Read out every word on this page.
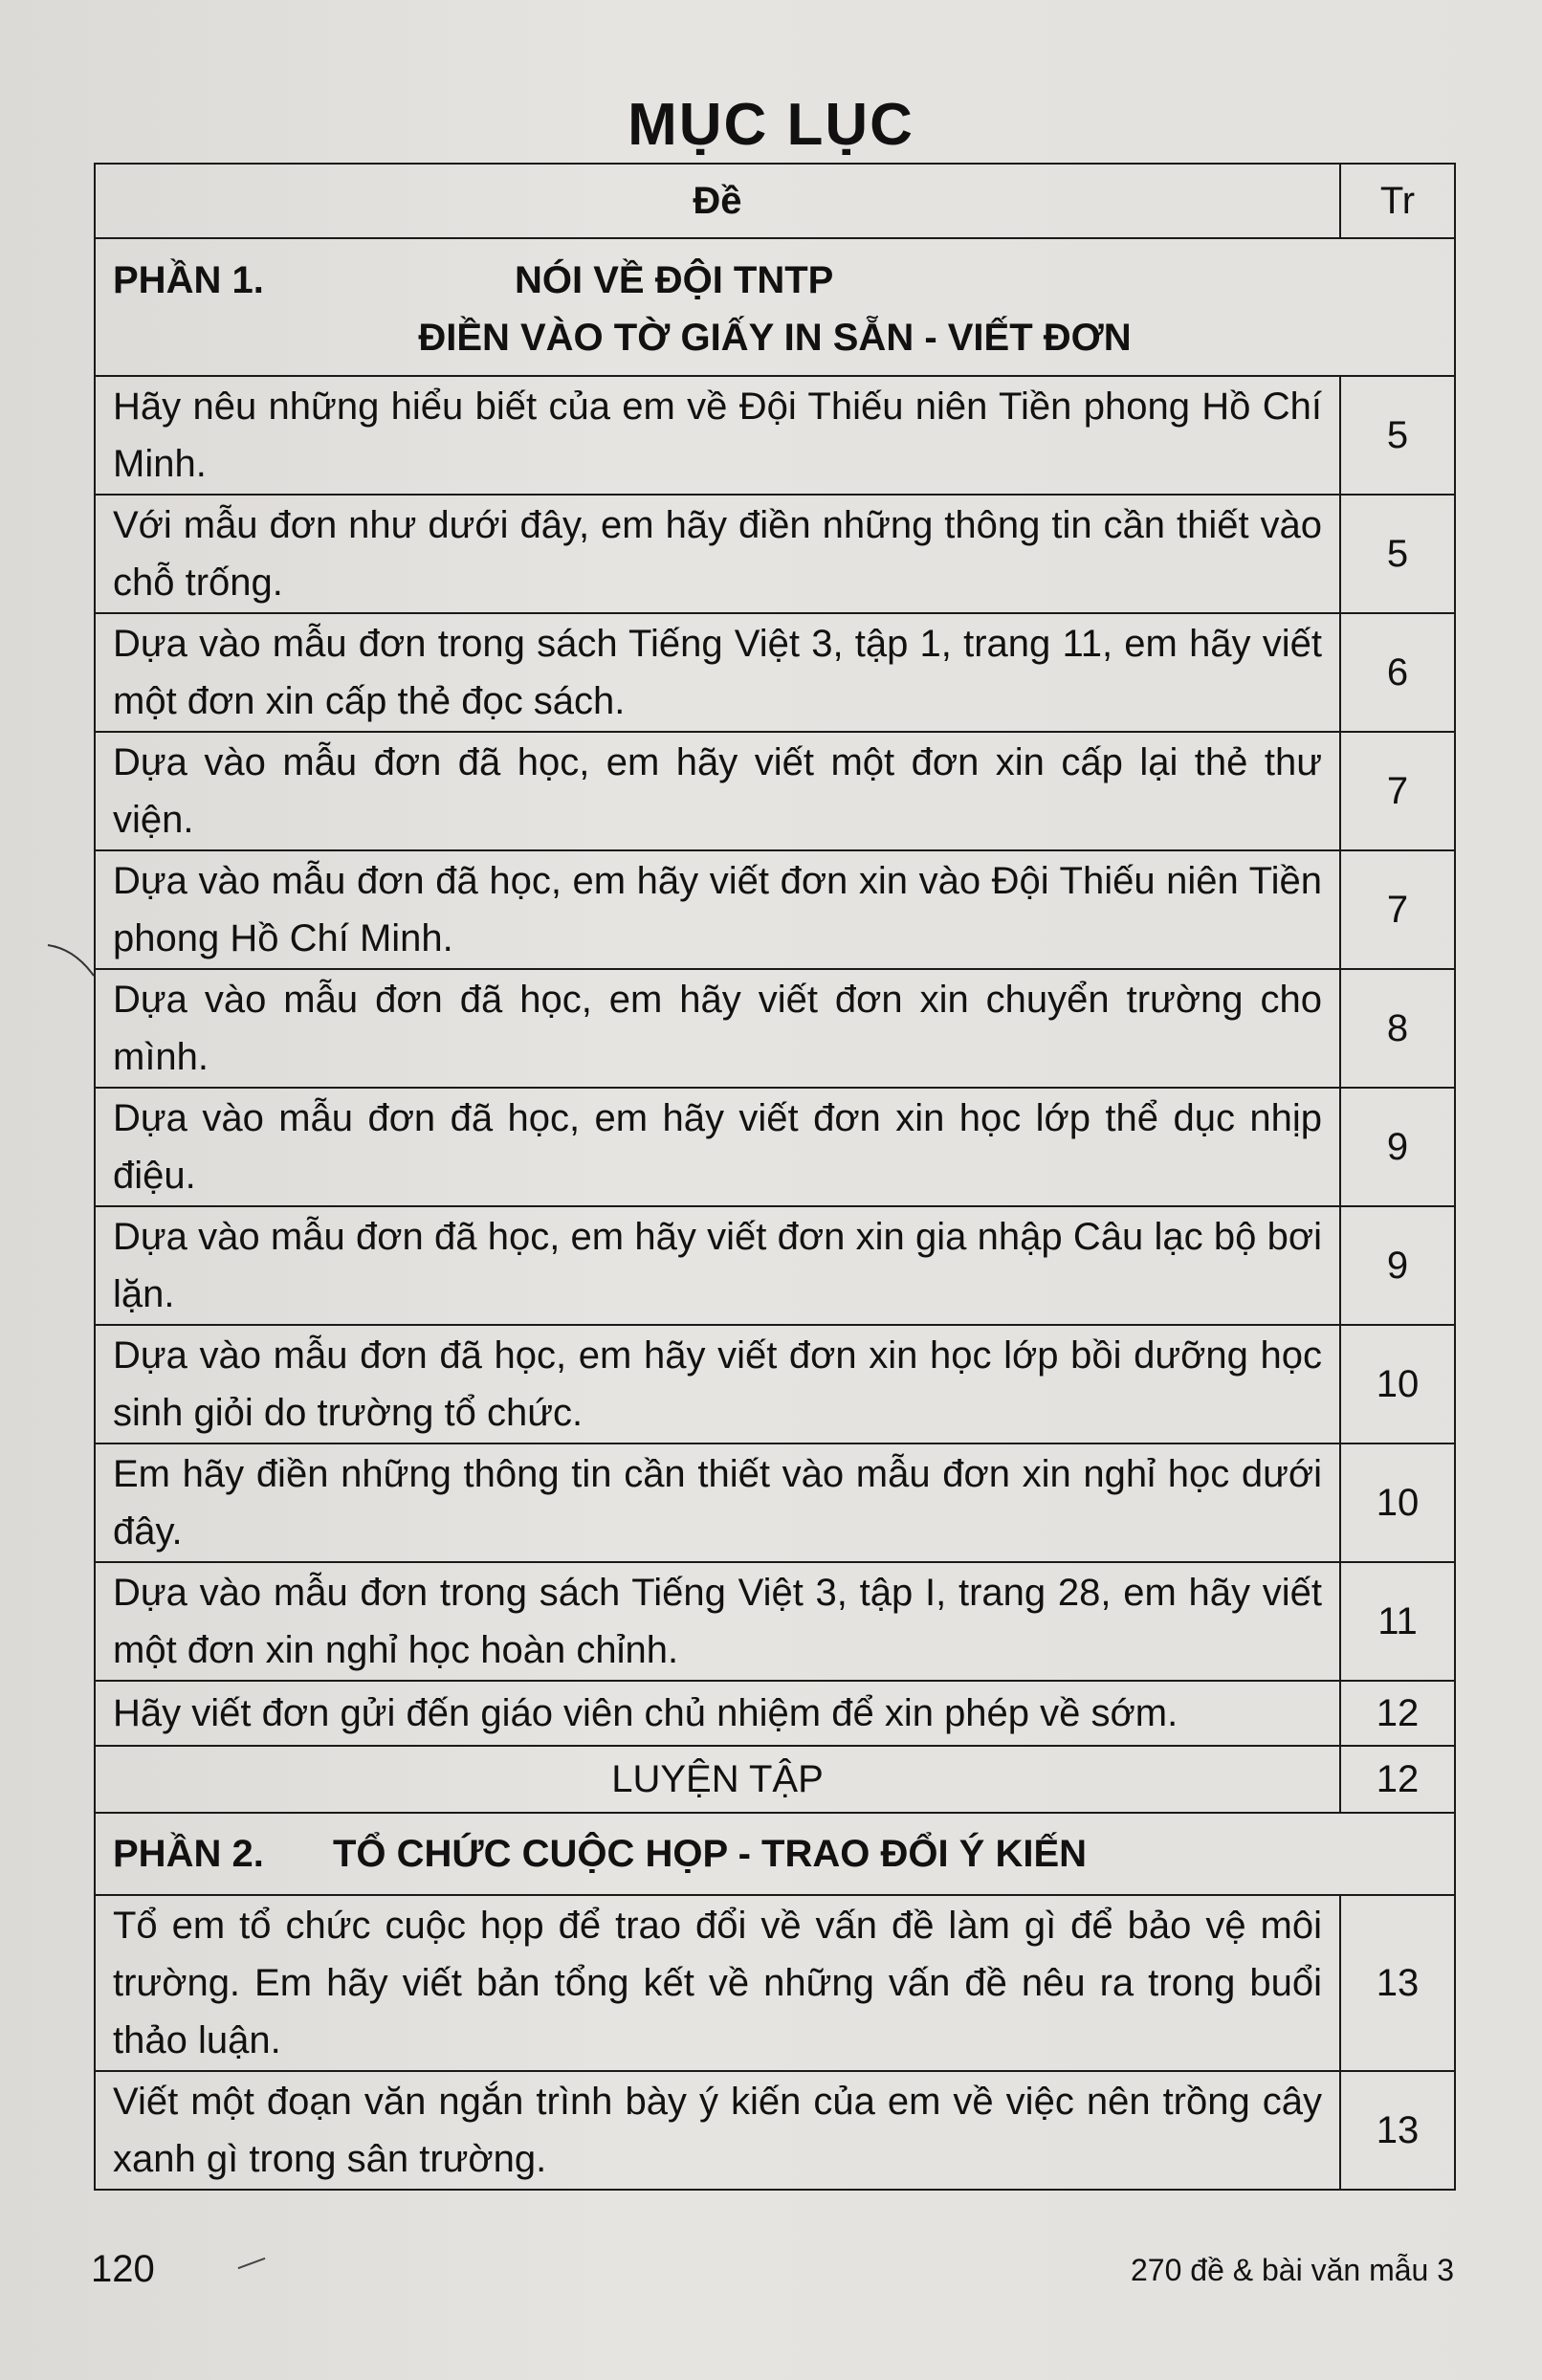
MỤC LỤC
Đề	Tr

PHẦN 1. NÓI VỀ ĐỘI TNTP
ĐIỀN VÀO TỜ GIẤY IN SẴN - VIẾT ĐƠN	

Hãy nêu những hiểu biết của em về Đội Thiếu niên Tiền phong Hồ Chí Minh.	5
Với mẫu đơn như dưới đây, em hãy điền những thông tin cần thiết vào chỗ trống.	5
Dựa vào mẫu đơn trong sách Tiếng Việt 3, tập 1, trang 11, em hãy viết một đơn xin cấp thẻ đọc sách.	6
Dựa vào mẫu đơn đã học, em hãy viết một đơn xin cấp lại thẻ thư viện.	7
Dựa vào mẫu đơn đã học, em hãy viết đơn xin vào Đội Thiếu niên Tiền phong Hồ Chí Minh.	7
Dựa vào mẫu đơn đã học, em hãy viết đơn xin chuyển trường cho mình.	8
Dựa vào mẫu đơn đã học, em hãy viết đơn xin học lớp thể dục nhịp điệu.	9
Dựa vào mẫu đơn đã học, em hãy viết đơn xin gia nhập Câu lạc bộ bơi lặn.	9
Dựa vào mẫu đơn đã học, em hãy viết đơn xin học lớp bồi dưỡng học sinh giỏi do trường tổ chức.	10
Em hãy điền những thông tin cần thiết vào mẫu đơn xin nghỉ học dưới đây.	10
Dựa vào mẫu đơn trong sách Tiếng Việt 3, tập I, trang 28, em hãy viết một đơn xin nghỉ học hoàn chỉnh.	11
Hãy viết đơn gửi đến giáo viên chủ nhiệm để xin phép về sớm.	12
LUYỆN TẬP	12

PHẦN 2. TỔ CHỨC CUỘC HỌP - TRAO ĐỔI Ý KIẾN	

Tổ em tổ chức cuộc họp để trao đổi về vấn đề làm gì để bảo vệ môi trường. Em hãy viết bản tổng kết về những vấn đề nêu ra trong buổi thảo luận.	13
Viết một đoạn văn ngắn trình bày ý kiến của em về việc nên trồng cây xanh gì trong sân trường.	13
120	270 đề & bài văn mẫu 3
